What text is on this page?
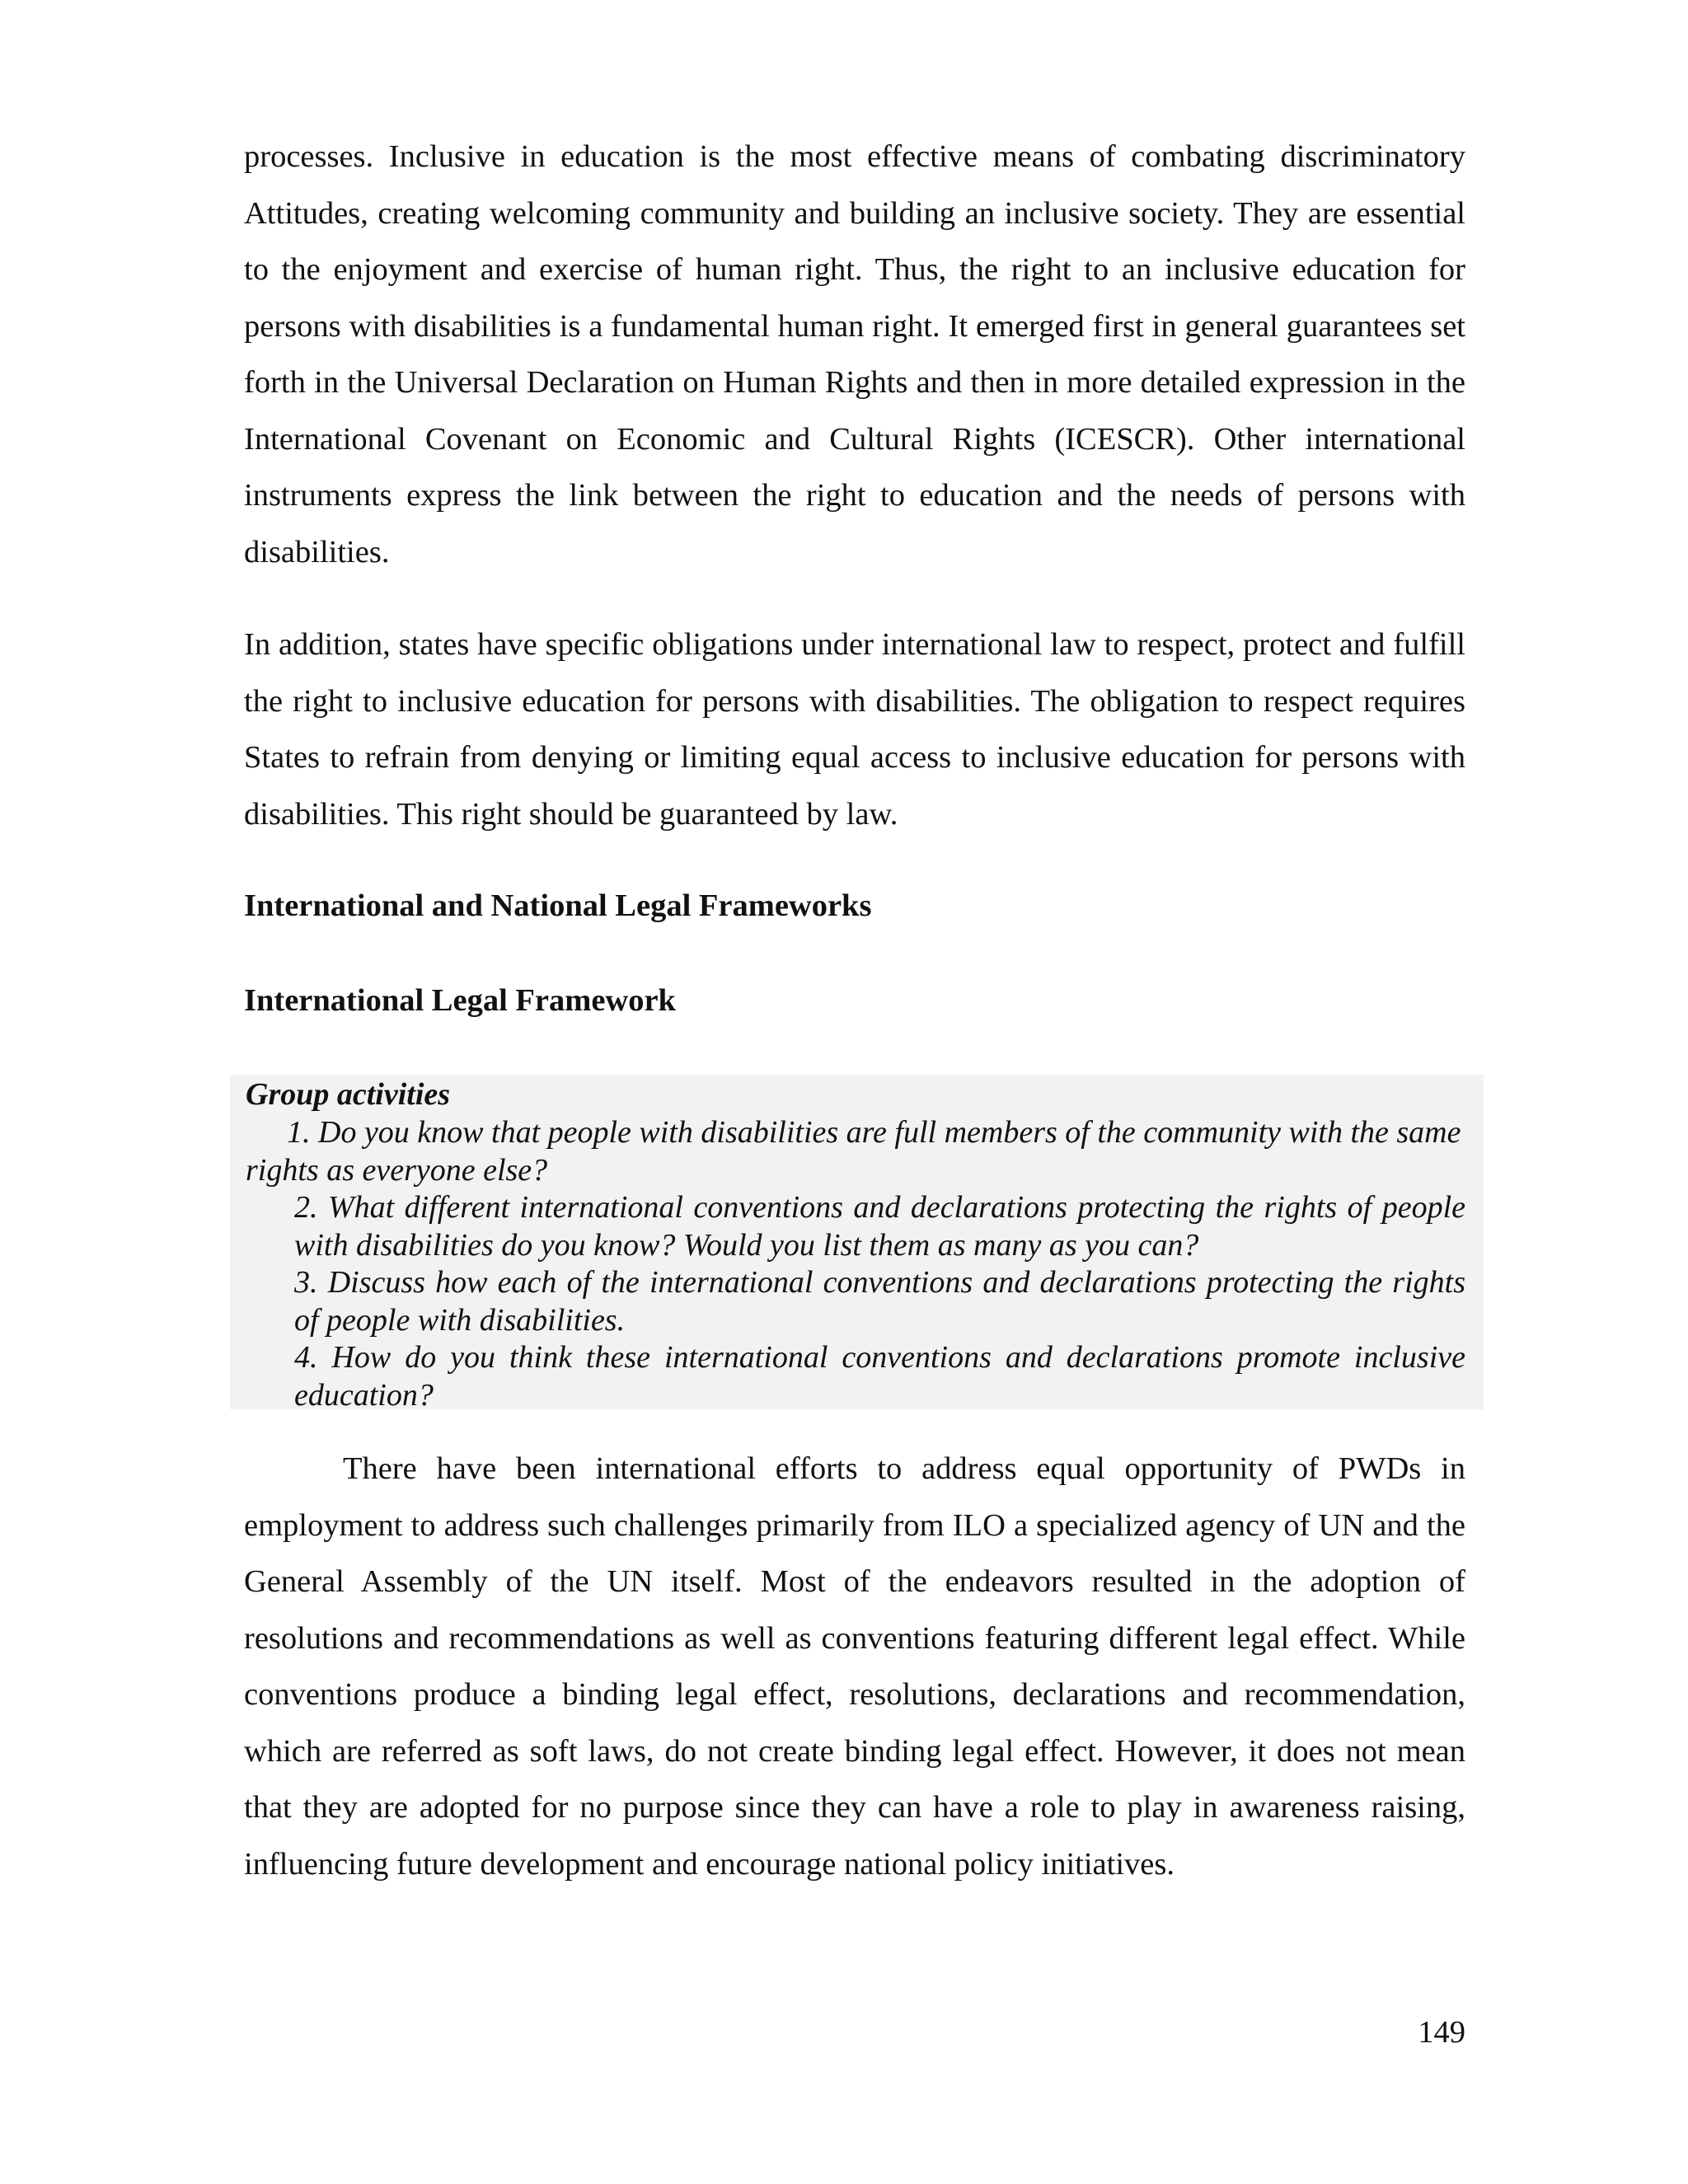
processes. Inclusive in education is the most effective means of combating discriminatory Attitudes, creating welcoming community and building an inclusive society. They are essential to the enjoyment and exercise of human right. Thus, the right to an inclusive education for persons with disabilities is a fundamental human right. It emerged first in general guarantees set forth in the Universal Declaration on Human Rights and then in more detailed expression in the International Covenant on Economic and Cultural Rights (ICESCR). Other international instruments express the link between the right to education and the needs of persons with disabilities.

In addition, states have specific obligations under international law to respect, protect and fulfill the right to inclusive education for persons with disabilities. The obligation to respect requires States to refrain from denying or limiting equal access to inclusive education for persons with disabilities. This right should be guaranteed by law.

International and National Legal Frameworks
International Legal Framework

Group activities

1. Do you know that people with disabilities are full members of the community with the same rights as everyone else?

2. What different international conventions and declarations protecting the rights of people with disabilities do you know? Would you list them as many as you can?

3. Discuss how each of the international conventions and declarations protecting the rights of people with disabilities.

4. How do you think these international conventions and declarations promote inclusive education?

There have been international efforts to address equal opportunity of PWDs in employment to address such challenges primarily from ILO a specialized agency of UN and the General Assembly of the UN itself. Most of the endeavors resulted in the adoption of resolutions and recommendations as well as conventions featuring different legal effect. While conventions produce a binding legal effect, resolutions, declarations and recommendation, which are referred as soft laws, do not create binding legal effect. However, it does not mean that they are adopted for no purpose since they can have a role to play in awareness raising, influencing future development and encourage national policy initiatives.

149
